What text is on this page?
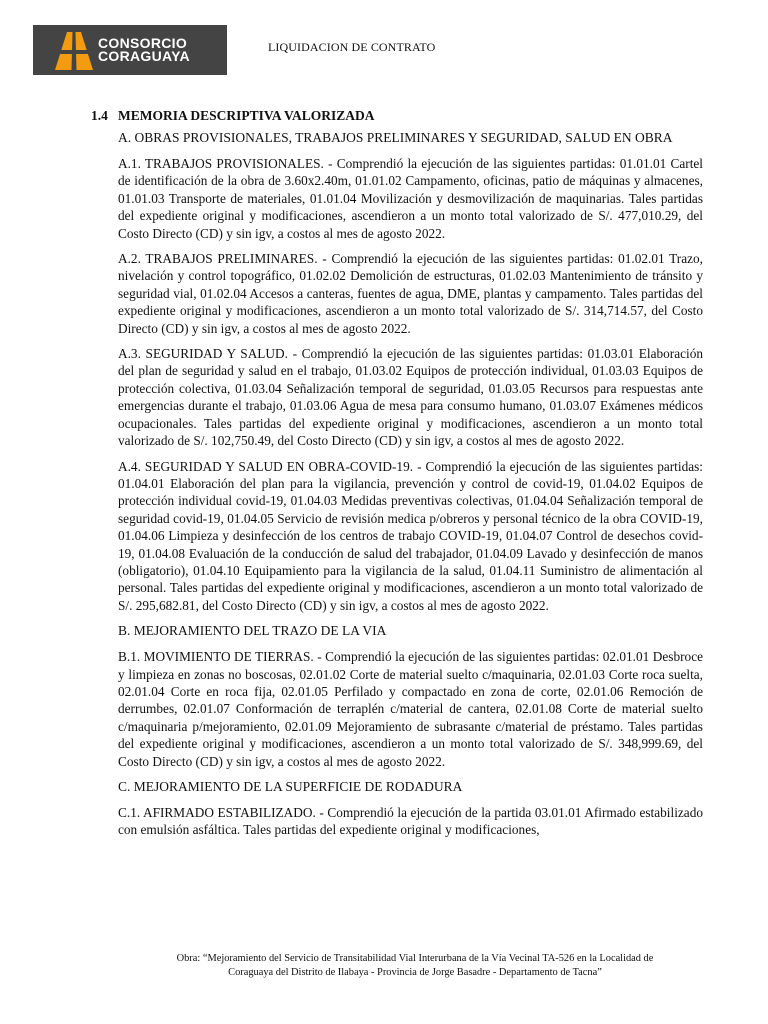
CONSORCIO
CORAGUAYA
LIQUIDACION DE CONTRATO
1.4 MEMORIA DESCRIPTIVA VALORIZADA
A. OBRAS PROVISIONALES, TRABAJOS PRELIMINARES Y SEGURIDAD, SALUD EN OBRA

A.1. TRABAJOS PROVISIONALES. - Comprendió la ejecución de las siguientes partidas: 01.01.01 Cartel de identificación de la obra de 3.60x2.40m, 01.01.02 Campamento, oficinas, patio de máquinas y almacenes, 01.01.03 Transporte de materiales, 01.01.04 Movilización y desmovilización de maquinarias. Tales partidas del expediente original y modificaciones, ascendieron a un monto total valorizado de S/. 477,010.29, del Costo Directo (CD) y sin igv, a costos al mes de agosto 2022.

A.2. TRABAJOS PRELIMINARES. - Comprendió la ejecución de las siguientes partidas: 01.02.01 Trazo, nivelación y control topográfico, 01.02.02 Demolición de estructuras, 01.02.03 Mantenimiento de tránsito y seguridad vial, 01.02.04 Accesos a canteras, fuentes de agua, DME, plantas y campamento. Tales partidas del expediente original y modificaciones, ascendieron a un monto total valorizado de S/. 314,714.57, del Costo Directo (CD) y sin igv, a costos al mes de agosto 2022.

A.3. SEGURIDAD Y SALUD. - Comprendió la ejecución de las siguientes partidas: 01.03.01 Elaboración del plan de seguridad y salud en el trabajo, 01.03.02 Equipos de protección individual, 01.03.03 Equipos de protección colectiva, 01.03.04 Señalización temporal de seguridad, 01.03.05 Recursos para respuestas ante emergencias durante el trabajo, 01.03.06 Agua de mesa para consumo humano, 01.03.07 Exámenes médicos ocupacionales. Tales partidas del expediente original y modificaciones, ascendieron a un monto total valorizado de S/. 102,750.49, del Costo Directo (CD) y sin igv, a costos al mes de agosto 2022.

A.4. SEGURIDAD Y SALUD EN OBRA-COVID-19. - Comprendió la ejecución de las siguientes partidas: 01.04.01 Elaboración del plan para la vigilancia, prevención y control de covid-19, 01.04.02 Equipos de protección individual covid-19, 01.04.03 Medidas preventivas colectivas, 01.04.04 Señalización temporal de seguridad covid-19, 01.04.05 Servicio de revisión medica p/obreros y personal técnico de la obra COVID-19, 01.04.06 Limpieza y desinfección de los centros de trabajo COVID-19, 01.04.07 Control de desechos covid-19, 01.04.08 Evaluación de la conducción de salud del trabajador, 01.04.09 Lavado y desinfección de manos (obligatorio), 01.04.10 Equipamiento para la vigilancia de la salud, 01.04.11 Suministro de alimentación al personal. Tales partidas del expediente original y modificaciones, ascendieron a un monto total valorizado de S/. 295,682.81, del Costo Directo (CD) y sin igv, a costos al mes de agosto 2022.

B. MEJORAMIENTO DEL TRAZO DE LA VIA

B.1. MOVIMIENTO DE TIERRAS. - Comprendió la ejecución de las siguientes partidas: 02.01.01 Desbroce y limpieza en zonas no boscosas, 02.01.02 Corte de material suelto c/maquinaria, 02.01.03 Corte roca suelta, 02.01.04 Corte en roca fija, 02.01.05 Perfilado y compactado en zona de corte, 02.01.06 Remoción de derrumbes, 02.01.07 Conformación de terraplén c/material de cantera, 02.01.08 Corte de material suelto c/maquinaria p/mejoramiento, 02.01.09 Mejoramiento de subrasante c/material de préstamo. Tales partidas del expediente original y modificaciones, ascendieron a un monto total valorizado de S/. 348,999.69, del Costo Directo (CD) y sin igv, a costos al mes de agosto 2022.

C. MEJORAMIENTO DE LA SUPERFICIE DE RODADURA

C.1. AFIRMADO ESTABILIZADO. - Comprendió la ejecución de la partida 03.01.01 Afirmado estabilizado con emulsión asfáltica. Tales partidas del expediente original y modificaciones,

Obra: “Mejoramiento del Servicio de Transitabilidad Vial Interurbana de la Vía Vecinal TA-526 en la Localidad de
Coraguaya del Distrito de Ilabaya - Provincia de Jorge Basadre - Departamento de Tacna”
